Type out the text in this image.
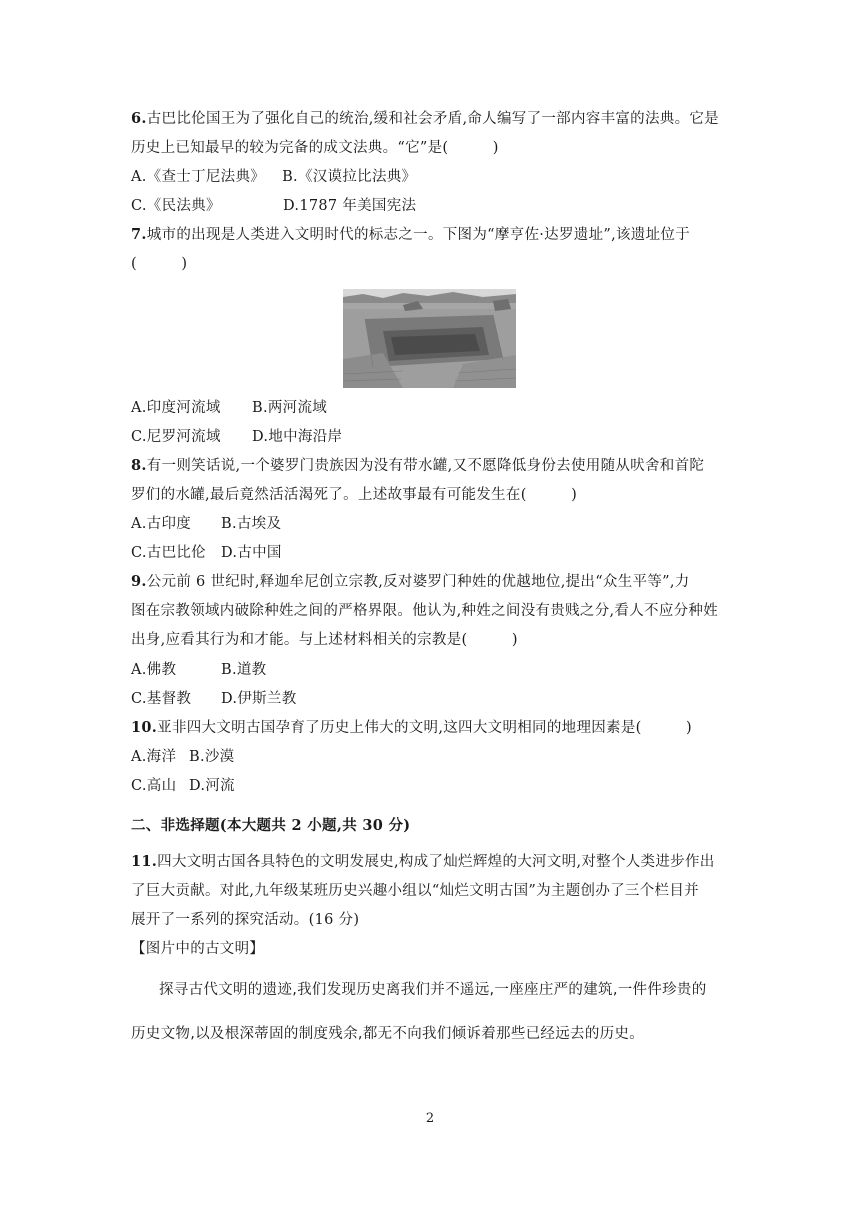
6.古巴比伦国王为了强化自己的统治,缓和社会矛盾,命人编写了一部内容丰富的法典。它是
历史上已知最早的较为完备的成文法典。“它”是(　　　)
A.《查士丁尼法典》 B.《汉谟拉比法典》
C.《民法典》	D.1787 年美国宪法
7.城市的出现是人类进入文明时代的标志之一。下图为“摩亨佐·达罗遗址”,该遗址位于
(　　　)
A.印度河流域 B.两河流域
C.尼罗河流域 D.地中海沿岸
8.有一则笑话说,一个婆罗门贵族因为没有带水罐,又不愿降低身份去使用随从吠舍和首陀
罗们的水罐,最后竟然活活渴死了。上述故事最有可能发生在(　　　)
A.古印度 B.古埃及
C.古巴比伦 D.古中国
9.公元前 6 世纪时,释迦牟尼创立宗教,反对婆罗门种姓的优越地位,提出“众生平等”,力
图在宗教领域内破除种姓之间的严格界限。他认为,种姓之间没有贵贱之分,看人不应分种姓
出身,应看其行为和才能。与上述材料相关的宗教是(　　　)
A.佛教	B.道教
C.基督教 D.伊斯兰教
10.亚非四大文明古国孕育了历史上伟大的文明,这四大文明相同的地理因素是(　　　)
A.海洋 B.沙漠
C.高山 D.河流
二、非选择题(本大题共 2 小题,共 30 分)
11.四大文明古国各具特色的文明发展史,构成了灿烂辉煌的大河文明,对整个人类进步作出
了巨大贡献。对此,九年级某班历史兴趣小组以“灿烂文明古国”为主题创办了三个栏目并
展开了一系列的探究活动。(16 分)
【图片中的古文明】
探寻古代文明的遗迹,我们发现历史离我们并不遥远,一座座庄严的建筑,一件件珍贵的
历史文物,以及根深蒂固的制度残余,都无不向我们倾诉着那些已经远去的历史。
2
